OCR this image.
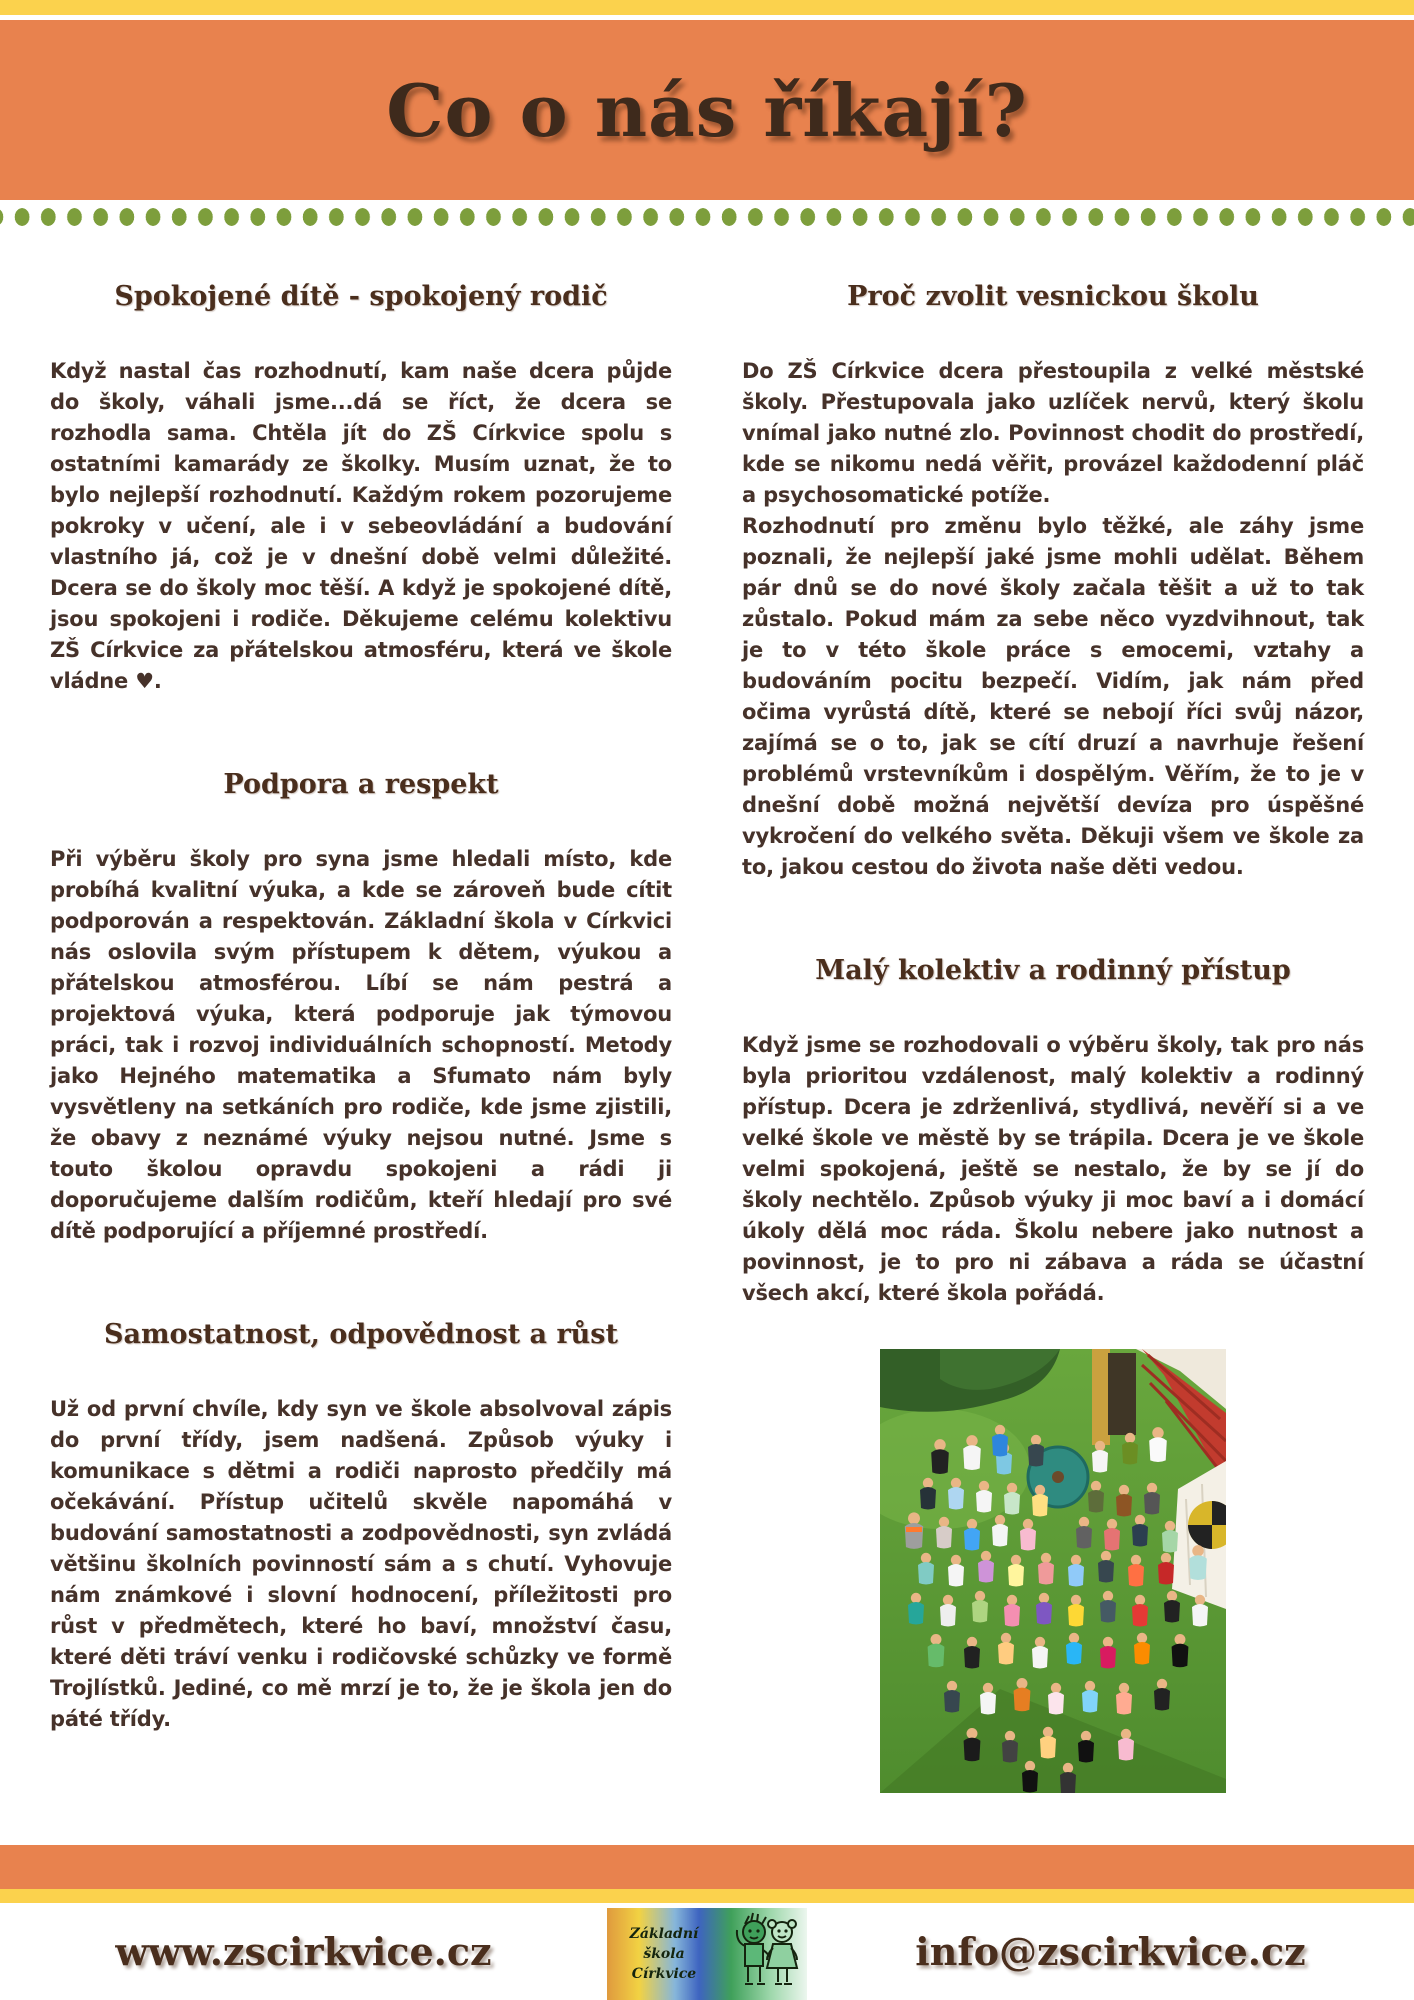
Co o nás říkají?
Spokojené dítě - spokojený rodič

Když nastal čas rozhodnutí, kam naše dcera půjde do školy, váhali jsme...dá se říct, že dcera se rozhodla sama. Chtěla jít do ZŠ Církvice spolu s ostatními kamarády ze školky. Musím uznat, že to bylo nejlepší rozhodnutí. Každým rokem pozorujeme pokroky v učení, ale i v sebeovládání a budování vlastního já, což je v dnešní době velmi důležité. Dcera se do školy moc těší. A když je spokojené dítě, jsou spokojeni i rodiče. Děkujeme celému kolektivu ZŠ Církvice za přátelskou atmosféru, která ve škole vládne ♥.

Podpora a respekt

Při výběru školy pro syna jsme hledali místo, kde probíhá kvalitní výuka, a kde se zároveň bude cítit podporován a respektován. Základní škola v Církvici nás oslovila svým přístupem k dětem, výukou a přátelskou atmosférou. Líbí se nám pestrá a projektová výuka, která podporuje jak týmovou práci, tak i rozvoj individuálních schopností. Metody jako Hejného matematika a Sfumato nám byly vysvětleny na setkáních pro rodiče, kde jsme zjistili, že obavy z neznámé výuky nejsou nutné. Jsme s touto školou opravdu spokojeni a rádi ji doporučujeme dalším rodičům, kteří hledají pro své dítě podporující a příjemné prostředí.

Samostatnost, odpovědnost a růst

Už od první chvíle, kdy syn ve škole absolvoval zápis do první třídy, jsem nadšená. Způsob výuky i komunikace s dětmi a rodiči naprosto předčily má očekávání. Přístup učitelů skvěle napomáhá v budování samostatnosti a zodpovědnosti, syn zvládá většinu školních povinností sám a s chutí. Vyhovuje nám známkové i slovní hodnocení, příležitosti pro růst v předmětech, které ho baví, množství času, které děti tráví venku i rodičovské schůzky ve formě Trojlístků. Jediné, co mě mrzí je to, že je škola jen do páté třídy.

Proč zvolit vesnickou školu

Do ZŠ Církvice dcera přestoupila z velké městské školy. Přestupovala jako uzlíček nervů, který školu vnímal jako nutné zlo. Povinnost chodit do prostředí, kde se nikomu nedá věřit, provázel každodenní pláč a psychosomatické potíže.

Rozhodnutí pro změnu bylo těžké, ale záhy jsme poznali, že nejlepší jaké jsme mohli udělat. Během pár dnů se do nové školy začala těšit a už to tak zůstalo. Pokud mám za sebe něco vyzdvihnout, tak je to v této škole práce s emocemi, vztahy a budováním pocitu bezpečí. Vidím, jak nám před očima vyrůstá dítě, které se nebojí říci svůj názor, zajímá se o to, jak se cítí druzí a navrhuje řešení problémů vrstevníkům i dospělým. Věřím, že to je v dnešní době možná největší devíza pro úspěšné vykročení do velkého světa. Děkuji všem ve škole za to, jakou cestou do života naše děti vedou.

Malý kolektiv a rodinný přístup

Když jsme se rozhodovali o výběru školy, tak pro nás byla prioritou vzdálenost, malý kolektiv a rodinný přístup. Dcera je zdrženlivá, stydlivá, nevěří si a ve velké škole ve městě by se trápila. Dcera je ve škole velmi spokojená, ještě se nestalo, že by se jí do školy nechtělo. Způsob výuky ji moc baví a i domácí úkoly dělá moc ráda. Školu nebere jako nutnost a povinnost, je to pro ni zábava a ráda se účastní všech akcí, které škola pořádá.

www.zscirkvice.cz	Základní
škola
Církvice	info@zscirkvice.cz
